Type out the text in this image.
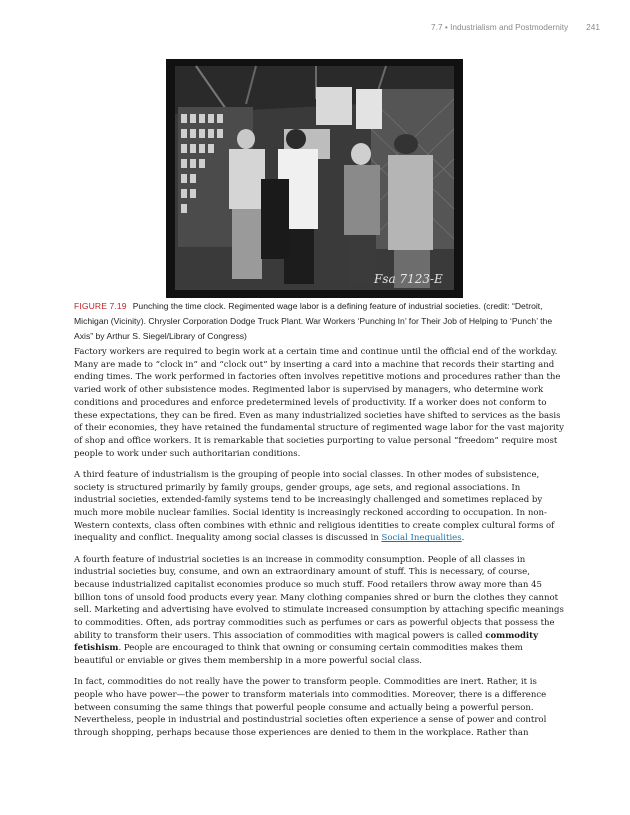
7.7 • Industrialism and Postmodernity 241
Fsa 7123-E
FIGURE 7.19 Punching the time clock. Regimented wage labor is a defining feature of industrial societies. (credit: “Detroit, Michigan (Vicinity). Chrysler Corporation Dodge Truck Plant. War Workers ‘Punching In’ for Their Job of Helping to ‘Punch’ the Axis” by Arthur S. Siegel/Library of Congress)

Factory workers are required to begin work at a certain time and continue until the official end of the workday. Many are made to “clock in” and “clock out” by inserting a card into a machine that records their starting and ending times. The work performed in factories often involves repetitive motions and procedures rather than the varied work of other subsistence modes. Regimented labor is supervised by managers, who determine work conditions and procedures and enforce predetermined levels of productivity. If a worker does not conform to these expectations, they can be fired. Even as many industrialized societies have shifted to services as the basis of their economies, they have retained the fundamental structure of regimented wage labor for the vast majority of shop and office workers. It is remarkable that societies purporting to value personal “freedom” require most people to work under such authoritarian conditions.

A third feature of industrialism is the grouping of people into social classes. In other modes of subsistence, society is structured primarily by family groups, gender groups, age sets, and regional associations. In industrial societies, extended-family systems tend to be increasingly challenged and sometimes replaced by much more mobile nuclear families. Social identity is increasingly reckoned according to occupation. In non-Western contexts, class often combines with ethnic and religious identities to create complex cultural forms of inequality and conflict. Inequality among social classes is discussed in Social Inequalities.

A fourth feature of industrial societies is an increase in commodity consumption. People of all classes in industrial societies buy, consume, and own an extraordinary amount of stuff. This is necessary, of course, because industrialized capitalist economies produce so much stuff. Food retailers throw away more than 45 billion tons of unsold food products every year. Many clothing companies shred or burn the clothes they cannot sell. Marketing and advertising have evolved to stimulate increased consumption by attaching specific meanings to commodities. Often, ads portray commodities such as perfumes or cars as powerful objects that possess the ability to transform their users. This association of commodities with magical powers is called commodity fetishism. People are encouraged to think that owning or consuming certain commodities makes them beautiful or enviable or gives them membership in a more powerful social class.

In fact, commodities do not really have the power to transform people. Commodities are inert. Rather, it is people who have power—the power to transform materials into commodities. Moreover, there is a difference between consuming the same things that powerful people consume and actually being a powerful person. Nevertheless, people in industrial and postindustrial societies often experience a sense of power and control through shopping, perhaps because those experiences are denied to them in the workplace. Rather than
